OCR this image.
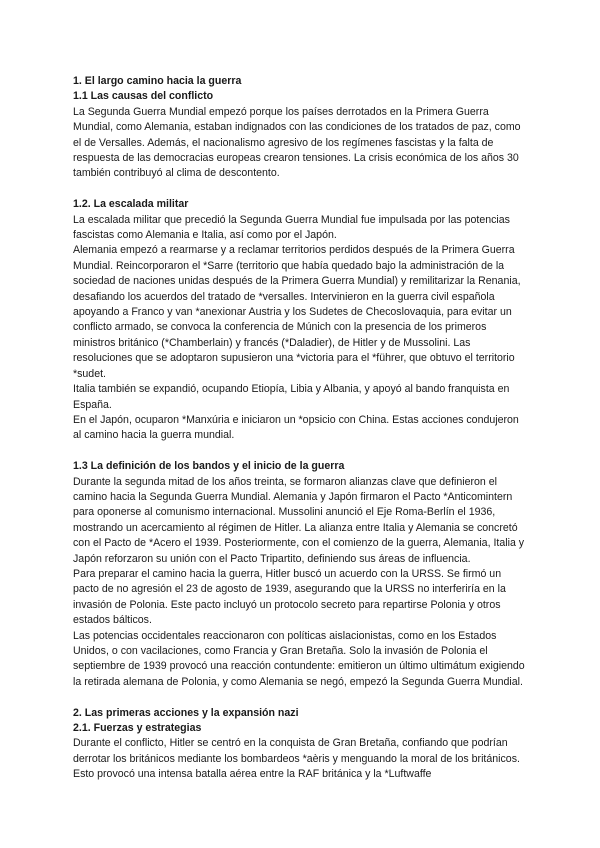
1. El largo camino hacia la guerra
1.1 Las causas del conflicto
La Segunda Guerra Mundial empezó porque los países derrotados en la Primera Guerra Mundial, como Alemania, estaban indignados con las condiciones de los tratados de paz, como el de Versalles. Además, el nacionalismo agresivo de los regímenes fascistas y la falta de respuesta de las democracias europeas crearon tensiones. La crisis económica de los años 30 también contribuyó al clima de descontento.
1.2. La escalada militar
La escalada militar que precedió la Segunda Guerra Mundial fue impulsada por las potencias fascistas como Alemania e Italia, así como por el Japón.
Alemania empezó a rearmarse y a reclamar territorios perdidos después de la Primera Guerra Mundial. Reincorporaron el *Sarre (territorio que había quedado bajo la administración de la sociedad de naciones unidas después de la Primera Guerra Mundial) y remilitarizar la Renania, desafiando los acuerdos del tratado de *versalles. Intervinieron en la guerra civil española apoyando a Franco y van *anexionar Austria y los Sudetes de Checoslovaquia, para evitar un conflicto armado, se convoca la conferencia de Múnich con la presencia de los primeros ministros británico (*Chamberlain) y francés (*Daladier), de Hitler y de Mussolini. Las resoluciones que se adoptaron supusieron una *victoria para el *führer, que obtuvo el territorio *sudet.
Italia también se expandió, ocupando Etiopía, Libia y Albania, y apoyó al bando franquista en España.
En el Japón, ocuparon *Manxúria e iniciaron un *opsicio con China. Estas acciones condujeron al camino hacia la guerra mundial.
1.3 La definición de los bandos y el inicio de la guerra
Durante la segunda mitad de los años treinta, se formaron alianzas clave que definieron el camino hacia la Segunda Guerra Mundial. Alemania y Japón firmaron el Pacto *Anticomintern para oponerse al comunismo internacional. Mussolini anunció el Eje Roma-Berlín el 1936, mostrando un acercamiento al régimen de Hitler. La alianza entre Italia y Alemania se concretó con el Pacto de *Acero el 1939. Posteriormente, con el comienzo de la guerra, Alemania, Italia y Japón reforzaron su unión con el Pacto Tripartito, definiendo sus áreas de influencia.
Para preparar el camino hacia la guerra, Hitler buscó un acuerdo con la URSS. Se firmó un pacto de no agresión el 23 de agosto de 1939, asegurando que la URSS no interferiría en la invasión de Polonia. Este pacto incluyó un protocolo secreto para repartirse Polonia y otros estados bálticos.
Las potencias occidentales reaccionaron con políticas aislacionistas, como en los Estados Unidos, o con vacilaciones, como Francia y Gran Bretaña. Solo la invasión de Polonia el septiembre de 1939 provocó una reacción contundente: emitieron un último ultimátum exigiendo la retirada alemana de Polonia, y como Alemania se negó, empezó la Segunda Guerra Mundial.
2. Las primeras acciones y la expansión nazi
2.1. Fuerzas y estrategias
Durante el conflicto, Hitler se centró en la conquista de Gran Bretaña, confiando que podrían derrotar los británicos mediante los bombardeos *aèris y menguando la moral de los británicos. Esto provocó una intensa batalla aérea entre la RAF británica y la *Luftwaffe
